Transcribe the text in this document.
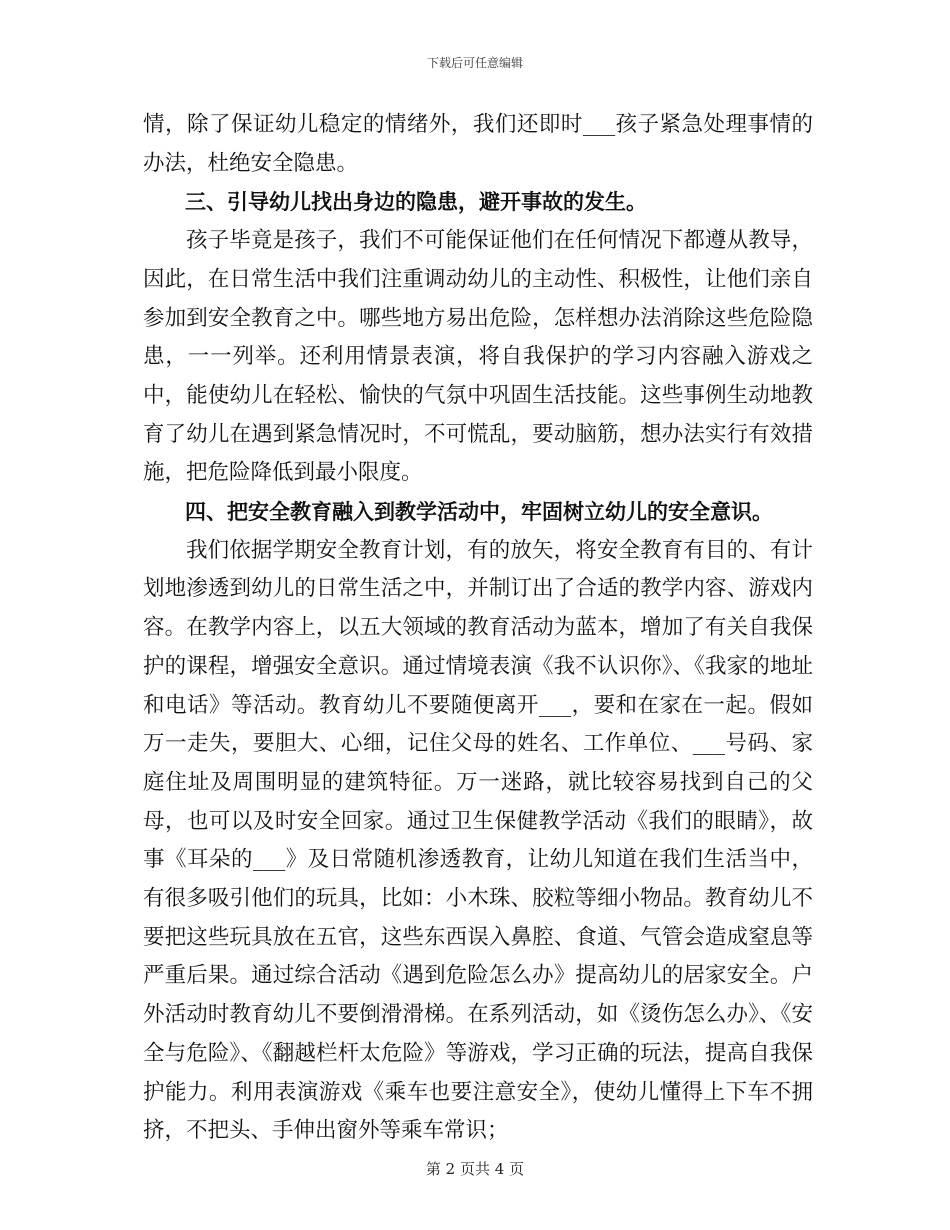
下载后可任意编辑

情，除了保证幼儿稳定的情绪外，我们还即时___孩子紧急处理事情的办法，杜绝安全隐患。

三、引导幼儿找出身边的隐患，避开事故的发生。

孩子毕竟是孩子，我们不可能保证他们在任何情况下都遵从教导，因此，在日常生活中我们注重调动幼儿的主动性、积极性，让他们亲自参加到安全教育之中。哪些地方易出危险，怎样想办法消除这些危险隐患，一一列举。还利用情景表演，将自我保护的学习内容融入游戏之中，能使幼儿在轻松、愉快的气氛中巩固生活技能。这些事例生动地教育了幼儿在遇到紧急情况时，不可慌乱，要动脑筋，想办法实行有效措施，把危险降低到最小限度。

四、把安全教育融入到教学活动中，牢固树立幼儿的安全意识。

我们依据学期安全教育计划，有的放矢，将安全教育有目的、有计划地渗透到幼儿的日常生活之中，并制订出了合适的教学内容、游戏内容。在教学内容上，以五大领域的教育活动为蓝本，增加了有关自我保护的课程，增强安全意识。通过情境表演《我不认识你》、《我家的地址和电话》等活动。教育幼儿不要随便离开___，要和在家在一起。假如万一走失，要胆大、心细，记住父母的姓名、工作单位、___号码、家庭住址及周围明显的建筑特征。万一迷路，就比较容易找到自己的父母，也可以及时安全回家。通过卫生保健教学活动《我们的眼睛》，故事《耳朵的___》及日常随机渗透教育，让幼儿知道在我们生活当中，有很多吸引他们的玩具，比如：小木珠、胶粒等细小物品。教育幼儿不要把这些玩具放在五官，这些东西误入鼻腔、食道、气管会造成窒息等严重后果。通过综合活动《遇到危险怎么办》提高幼儿的居家安全。户外活动时教育幼儿不要倒滑滑梯。在系列活动，如《烫伤怎么办》、《安全与危险》、《翻越栏杆太危险》等游戏，学习正确的玩法，提高自我保护能力。利用表演游戏《乘车也要注意安全》，使幼儿懂得上下车不拥挤，不把头、手伸出窗外等乘车常识；

第 2 页共 4 页
